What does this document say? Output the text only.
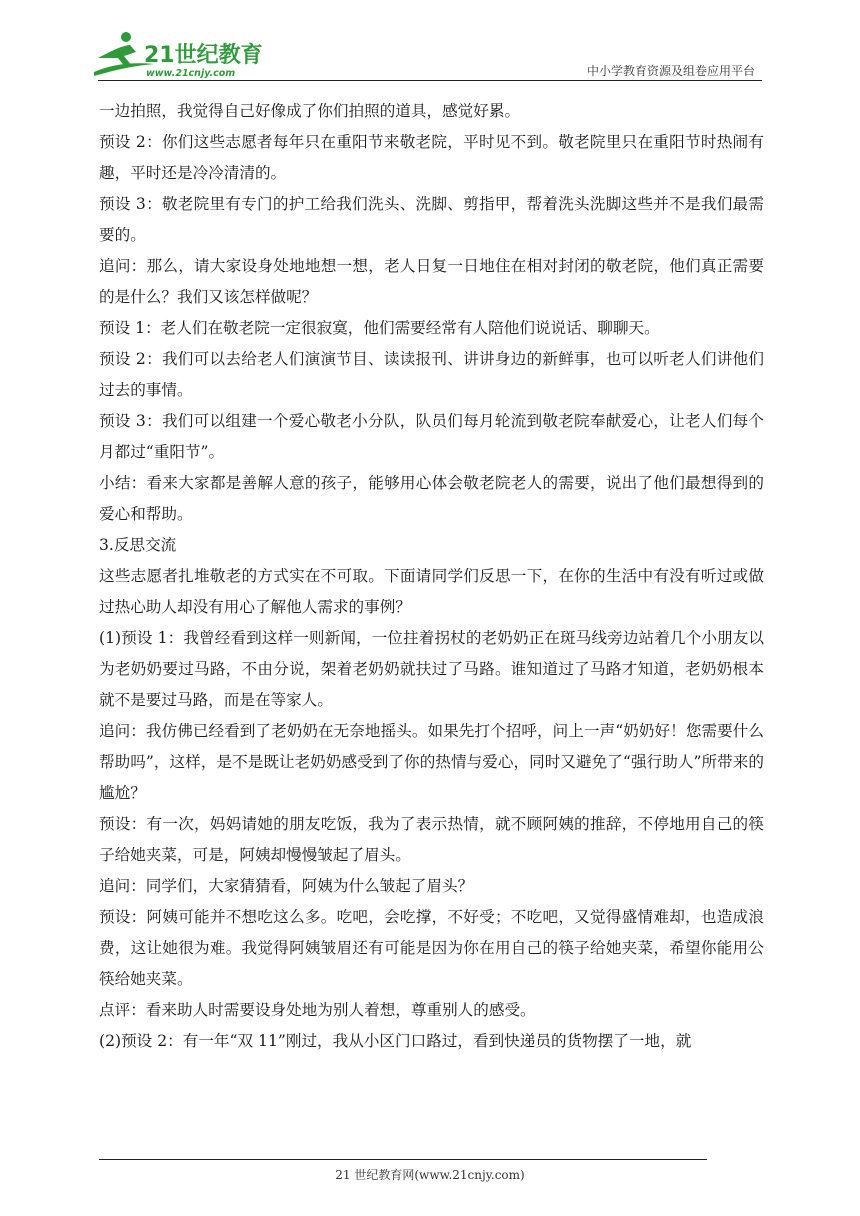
21世纪教育
www.21cnjy.com	中小学教育资源及组卷应用平台

一边拍照，我觉得自己好像成了你们拍照的道具，感觉好累。

预设 2：你们这些志愿者每年只在重阳节来敬老院，平时见不到。敬老院里只在重阳节时热闹有趣，平时还是冷冷清清的。

预设 3：敬老院里有专门的护工给我们洗头、洗脚、剪指甲，帮着洗头洗脚这些并不是我们最需要的。

追问：那么，请大家设身处地地想一想，老人日复一日地住在相对封闭的敬老院，他们真正需要的是什么？我们又该怎样做呢？

预设 1：老人们在敬老院一定很寂寞，他们需要经常有人陪他们说说话、聊聊天。

预设 2：我们可以去给老人们演演节目、读读报刊、讲讲身边的新鲜事，也可以听老人们讲他们过去的事情。

预设 3：我们可以组建一个爱心敬老小分队，队员们每月轮流到敬老院奉献爱心，让老人们每个月都过“重阳节”。

小结：看来大家都是善解人意的孩子，能够用心体会敬老院老人的需要，说出了他们最想得到的爱心和帮助。

3.反思交流

这些志愿者扎堆敬老的方式实在不可取。下面请同学们反思一下，在你的生活中有没有听过或做过热心助人却没有用心了解他人需求的事例？

(1)预设 1：我曾经看到这样一则新闻，一位拄着拐杖的老奶奶正在斑马线旁边站着几个小朋友以为老奶奶要过马路，不由分说，架着老奶奶就扶过了马路。谁知道过了马路才知道，老奶奶根本就不是要过马路，而是在等家人。

追问：我仿佛已经看到了老奶奶在无奈地摇头。如果先打个招呼，问上一声“奶奶好！您需要什么帮助吗”，这样，是不是既让老奶奶感受到了你的热情与爱心，同时又避免了“强行助人”所带来的尴尬？

预设：有一次，妈妈请她的朋友吃饭，我为了表示热情，就不顾阿姨的推辞，不停地用自己的筷子给她夹菜，可是，阿姨却慢慢皱起了眉头。

追问：同学们，大家猜猜看，阿姨为什么皱起了眉头？

预设：阿姨可能并不想吃这么多。吃吧，会吃撑，不好受；不吃吧，又觉得盛情难却，也造成浪费，这让她很为难。我觉得阿姨皱眉还有可能是因为你在用自己的筷子给她夹菜，希望你能用公筷给她夹菜。

点评：看来助人时需要设身处地为别人着想，尊重别人的感受。

(2)预设 2：有一年“双 11”刚过，我从小区门口路过，看到快递员的货物摆了一地，就

21 世纪教育网(www.21cnjy.com)
